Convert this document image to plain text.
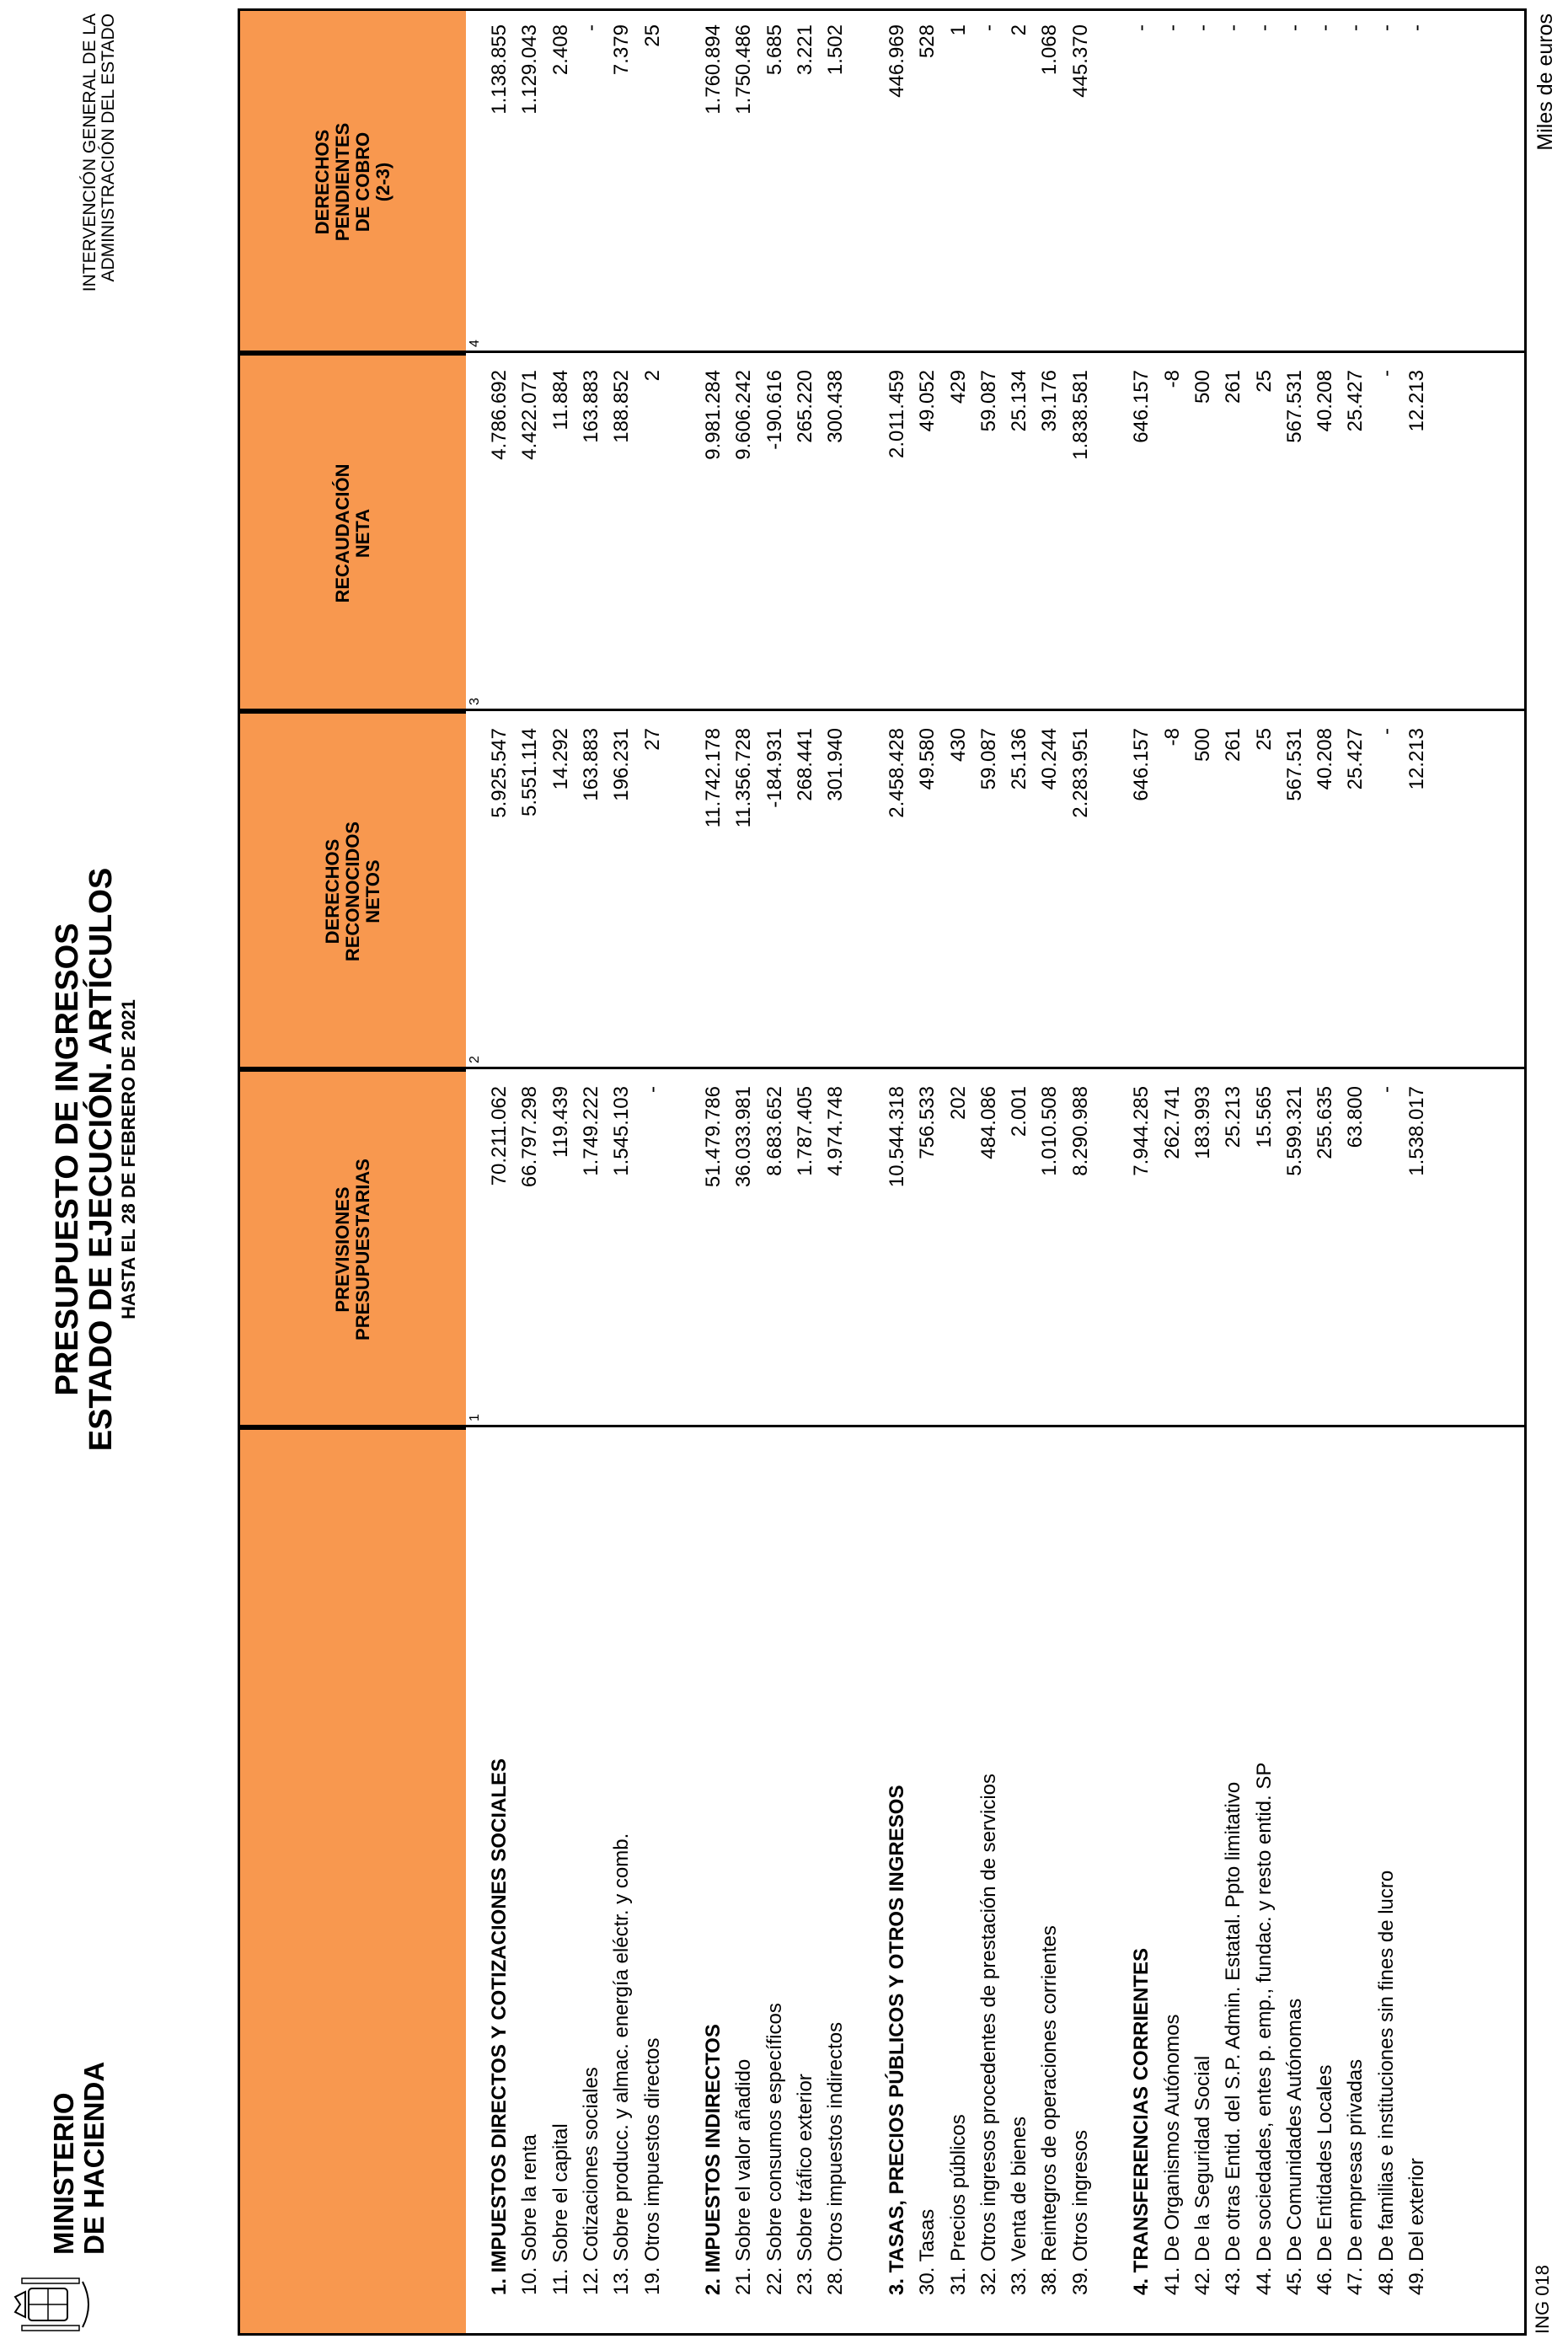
MINISTERIO DE HACIENDA
PRESUPUESTO DE INGRESOS
ESTADO DE EJECUCIÓN. ARTÍCULOS HASTA EL 28 DE FEBRERO DE 2021
INTERVENCIÓN GENERAL DE LA ADMINISTRACIÓN DEL ESTADO	Miles de euros
ING 018
1. IMPUESTOS DIRECTOS Y COTIZACIONES SOCIALES
70.211.062
5.925.547
4.786.692
1.138.855
10. Sobre la renta
66.797.298
5.551.114
4.422.071
1.129.043
11. Sobre el capital
119.439
14.292
11.884
2.408
12. Cotizaciones sociales
1.749.222
163.883
163.883
-
13. Sobre producc. y almac. energía eléctr. y comb.
1.545.103
196.231
188.852
7.379
19. Otros impuestos directos
-
27
2
25
2. IMPUESTOS INDIRECTOS
51.479.786
11.742.178
9.981.284
1.760.894
21. Sobre el valor añadido
36.033.981
11.356.728
9.606.242
1.750.486
22. Sobre consumos específicos
8.683.652
-184.931
-190.616
5.685
23. Sobre tráfico exterior
1.787.405
268.441
265.220
3.221
28. Otros impuestos indirectos
4.974.748
301.940
300.438
1.502
3. TASAS, PRECIOS PÚBLICOS Y OTROS INGRESOS
10.544.318
2.458.428
2.011.459
446.969
30. Tasas
756.533
49.580
49.052
528
31. Precios públicos
202
430
429
1
32. Otros ingresos procedentes de prestación de servicios
484.086
59.087
59.087
-
33. Venta de bienes
2.001
25.136
25.134
2
38. Reintegros de operaciones corrientes
1.010.508
40.244
39.176
1.068
39. Otros ingresos
8.290.988
2.283.951
1.838.581
445.370
4. TRANSFERENCIAS CORRIENTES
7.944.285
646.157
646.157
-
41. De Organismos Autónomos
262.741
-8
-8
-
42. De la Seguridad Social
183.993
500
500
-
43. De otras Entid. del S.P. Admin. Estatal. Ppto limitativo
25.213
261
261
-
44. De sociedades, entes p. emp., fundac. y resto entid. SP
15.565
25
25
-
45. De Comunidades Autónomas
5.599.321
567.531
567.531
-
46. De Entidades Locales
255.635
40.208
40.208
-
47. De empresas privadas
63.800
25.427
25.427
-
48. De familias e instituciones sin fines de lucro
-
-
-
-
49. Del exterior
1.538.017
12.213
12.213
-
PREVISIONES
PRESUPUESTARIAS
DERECHOS
RECONOCIDOS
NETOS
RECAUDACIÓN
NETA
DERECHOS
PENDIENTES
DE COBRO
(2-3)
1
2
3
4
